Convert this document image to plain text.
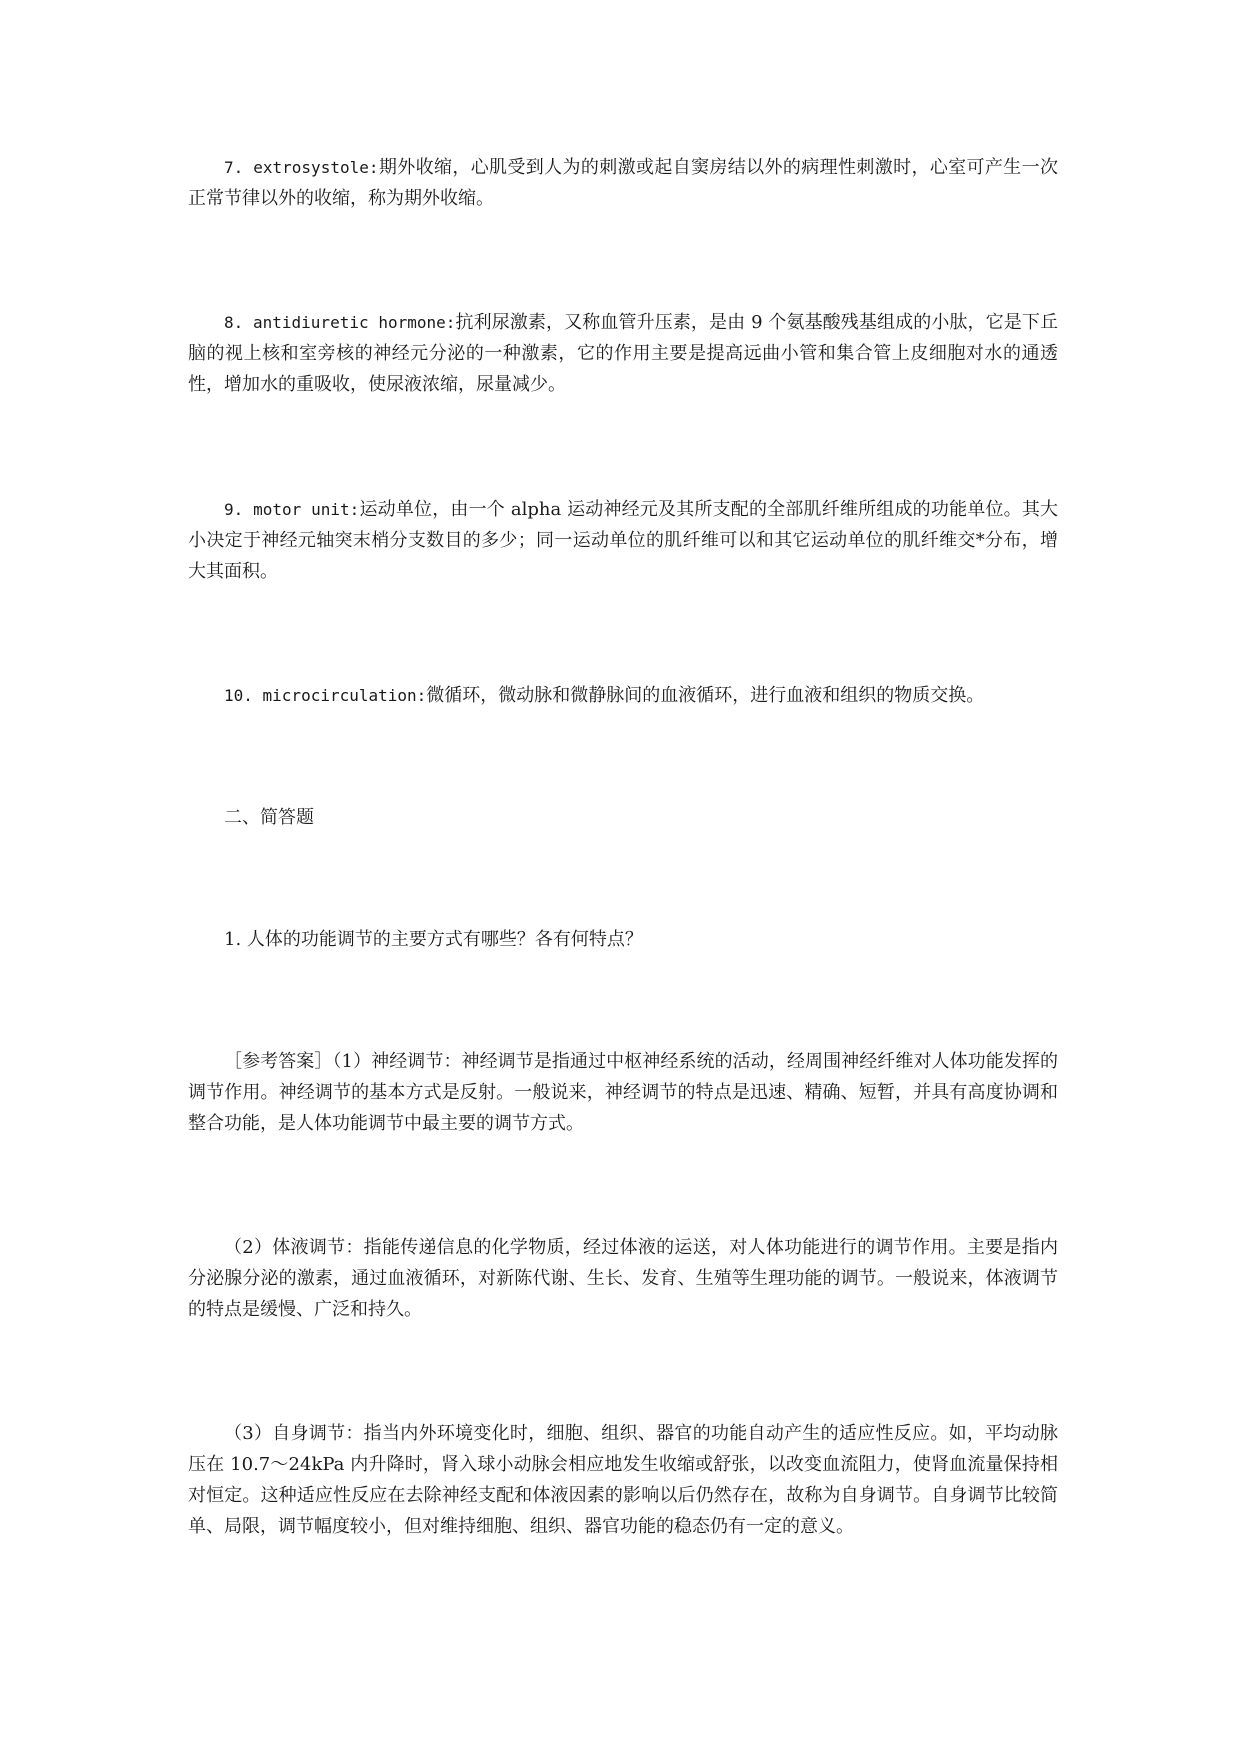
7. extrosystole:期外收缩，心肌受到人为的刺激或起自窦房结以外的病理性刺激时，心室可产生一次正常节律以外的收缩，称为期外收缩。

8. antidiuretic hormone:抗利尿激素，又称血管升压素，是由 9 个氨基酸残基组成的小肽，它是下丘脑的视上核和室旁核的神经元分泌的一种激素，它的作用主要是提高远曲小管和集合管上皮细胞对水的通透性，增加水的重吸收，使尿液浓缩，尿量减少。

9. motor unit:运动单位，由一个 alpha 运动神经元及其所支配的全部肌纤维所组成的功能单位。其大小决定于神经元轴突末梢分支数目的多少；同一运动单位的肌纤维可以和其它运动单位的肌纤维交*分布，增大其面积。

10. microcirculation:微循环，微动脉和微静脉间的血液循环，进行血液和组织的物质交换。

二、简答题

1. 人体的功能调节的主要方式有哪些？各有何特点？

［参考答案］（1）神经调节：神经调节是指通过中枢神经系统的活动，经周围神经纤维对人体功能发挥的调节作用。神经调节的基本方式是反射。一般说来，神经调节的特点是迅速、精确、短暂，并具有高度协调和整合功能，是人体功能调节中最主要的调节方式。

（2）体液调节：指能传递信息的化学物质，经过体液的运送，对人体功能进行的调节作用。主要是指内分泌腺分泌的激素，通过血液循环，对新陈代谢、生长、发育、生殖等生理功能的调节。一般说来，体液调节的特点是缓慢、广泛和持久。

（3）自身调节：指当内外环境变化时，细胞、组织、器官的功能自动产生的适应性反应。如，平均动脉压在 10.7～24kPa 内升降时，肾入球小动脉会相应地发生收缩或舒张，以改变血流阻力，使肾血流量保持相对恒定。这种适应性反应在去除神经支配和体液因素的影响以后仍然存在，故称为自身调节。自身调节比较简单、局限，调节幅度较小，但对维持细胞、组织、器官功能的稳态仍有一定的意义。
